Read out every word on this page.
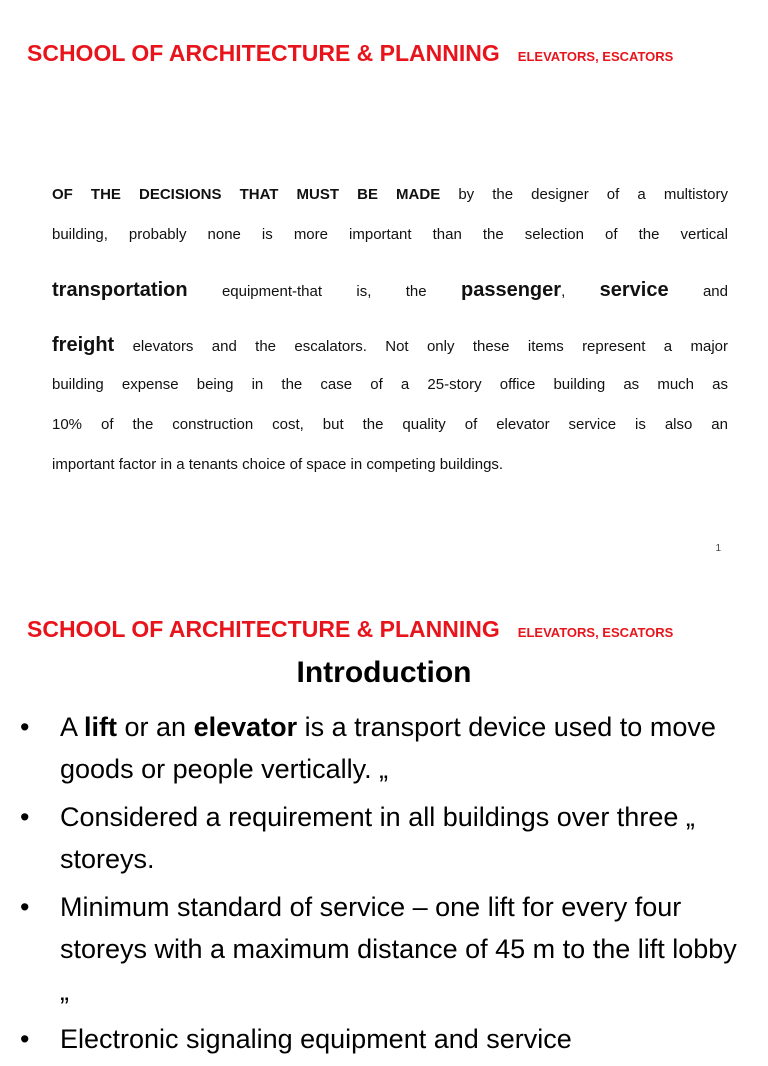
SCHOOL OF ARCHITECTURE & PLANNING ELEVATORS, ESCATORS
OF THE DECISIONS THAT MUST BE MADE by the designer of a multistory
building, probably none is more important than the selection of the vertical
transportation equipment-that is, the passenger, service and
freight elevators and the escalators. Not only these items represent a major
building expense being in the case of a 25-story office building as much as
10% of the construction cost, but the quality of elevator service is also an
important factor in a tenants choice of space in competing buildings.
1
SCHOOL OF ARCHITECTURE & PLANNING ELEVATORS, ESCATORS
Introduction
• A lift or an elevator is a transport device used to move goods or people vertically. „
• Considered a requirement in all buildings over three „ storeys.
• Minimum standard of service – one lift for every four storeys with a maximum distance of 45 m to the lift lobby „
• Electronic signaling equipment and service
